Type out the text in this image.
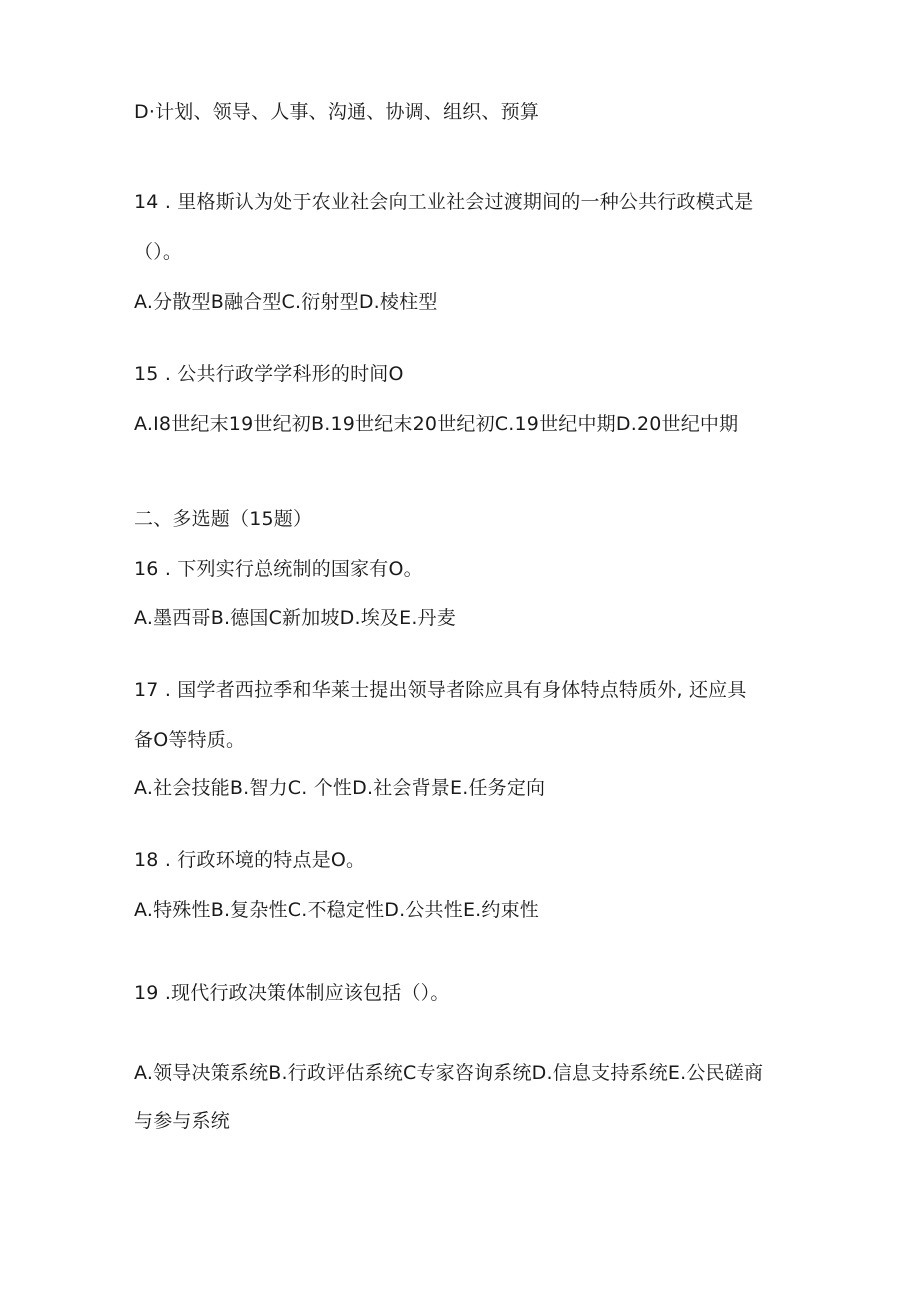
D·计划、领导、人事、沟通、协调、组织、预算
14 . 里格斯认为处于农业社会向工业社会过渡期间的一种公共行政模式是
（）。
A.分散型B融合型C.衍射型D.棱柱型
15 . 公共行政学学科形的时间O
A.I8世纪末19世纪初B.19世纪末20世纪初C.19世纪中期D.20世纪中期
二、多选题（15题）
16 . 下列实行总统制的国家有O。
A.墨西哥B.德国C新加坡D.埃及E.丹麦
17 . 国学者西拉季和华莱士提出领导者除应具有身体特点特质外, 还应具
备O等特质。
A.社会技能B.智力C. 个性D.社会背景E.任务定向
18 . 行政环境的特点是O。
A.特殊性B.复杂性C.不稳定性D.公共性E.约束性
19 .现代行政决策体制应该包括（）。
A.领导决策系统B.行政评估系统C专家咨询系统D.信息支持系统E.公民磋商
与参与系统
